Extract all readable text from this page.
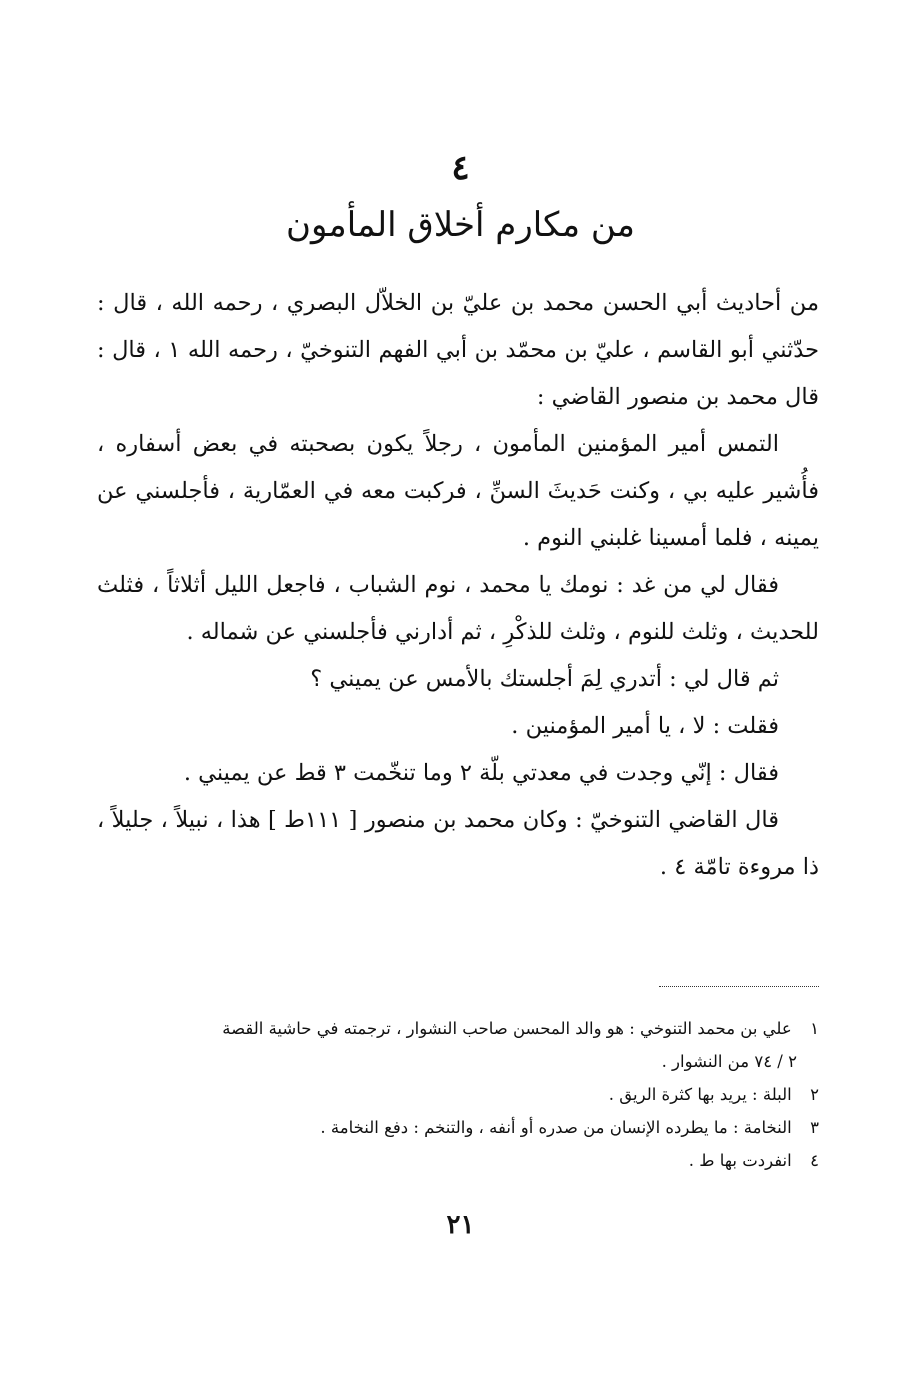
٤
من مكارم أخلاق المأمون

من أحاديث أبي الحسن محمد بن عليّ بن الخلاّل البصري ، رحمه الله ، قال : حدّثني أبو القاسم ، عليّ بن محمّد بن أبي الفهم التنوخيّ ، رحمه الله ١ ، قال : قال محمد بن منصور القاضي :

التمس أمير المؤمنين المأمون ، رجلاً يكون بصحبته في بعض أسفاره ، فأُشير عليه بي ، وكنت حَديثَ السنِّ ، فركبت معه في العمّارية ، فأجلسني عن يمينه ، فلما أمسينا غلبني النوم .

فقال لي من غد : نومك يا محمد ، نوم الشباب ، فاجعل الليل أثلاثاً ، فثلث للحديث ، وثلث للنوم ، وثلث للذكْرِ ، ثم أدارني فأجلسني عن شماله .

ثم قال لي : أتدري لِمَ أجلستك بالأمس عن يميني ؟

فقلت : لا ، يا أمير المؤمنين .

فقال : إنّي وجدت في معدتي بلّة ٢ وما تنخّمت ٣ قط عن يميني .

قال القاضي التنوخيّ : وكان محمد بن منصور [ ١١١ط ] هذا ، نبيلاً ، جليلاً ، ذا مروءة تامّة ٤ .

١ علي بن محمد التنوخي : هو والد المحسن صاحب النشوار ، ترجمته في حاشية القصة

٢ / ٧٤ من النشوار .

٢ البلة : يريد بها كثرة الريق .

٣ النخامة : ما يطرده الإنسان من صدره أو أنفه ، والتنخم : دفع النخامة .

٤ انفردت بها ط .

٢١
